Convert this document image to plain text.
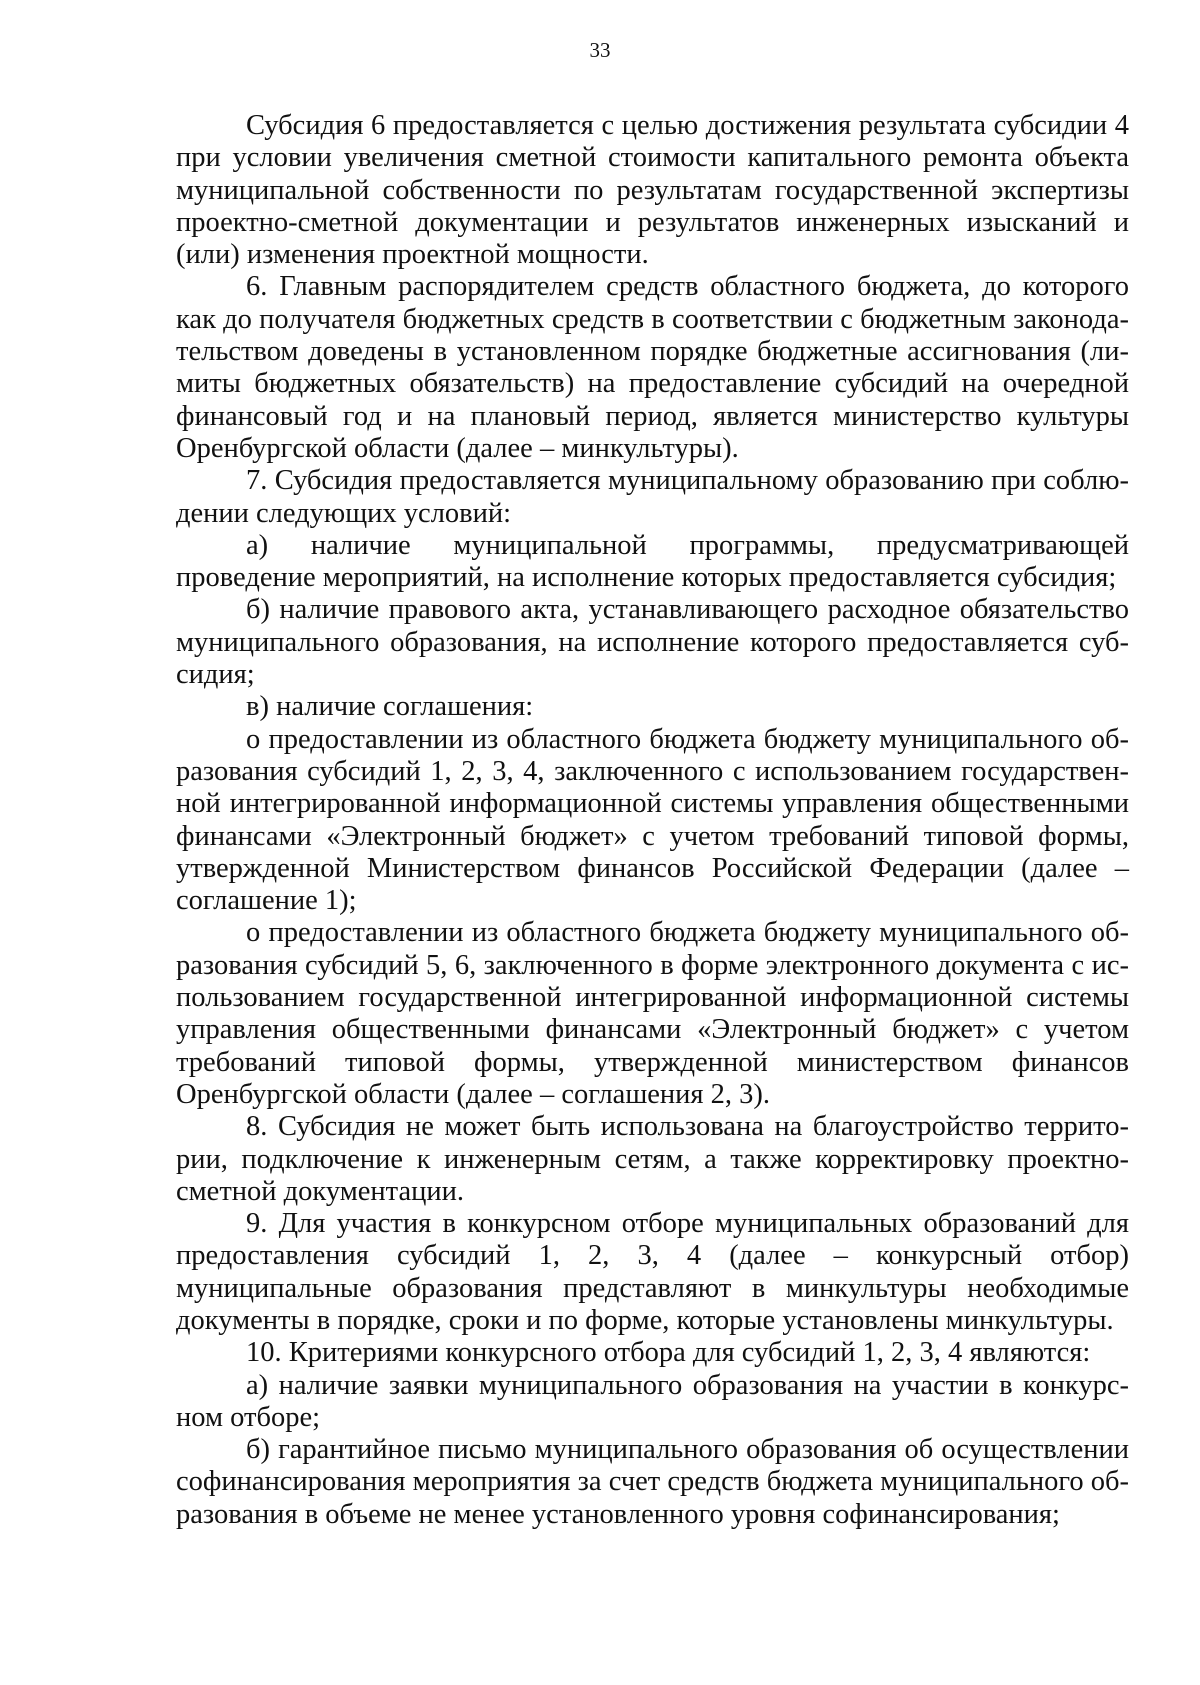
33

Субсидия 6 предоставляется с целью достижения результата субсидии 4 при условии увеличения сметной стоимости капитального ремонта объекта муниципальной собственности по результатам государственной экспертизы проектно-сметной документации и результатов инженерных изысканий и (или) изменения проектной мощности.

6. Главным распорядителем средств областного бюджета, до которого как до получателя бюджетных средств в соответствии с бюджетным законодательством доведены в установленном порядке бюджетные ассигнования (лимиты бюджетных обязательств) на предоставление субсидий на очередной финансовый год и на плановый период, является министерство культуры Оренбургской области (далее – минкультуры).

7. Субсидия предоставляется муниципальному образованию при соблюдении следующих условий:

а) наличие муниципальной программы, предусматривающей проведение мероприятий, на исполнение которых предоставляется субсидия;

б) наличие правового акта, устанавливающего расходное обязательство муниципального образования, на исполнение которого предоставляется субсидия;

в) наличие соглашения:

о предоставлении из областного бюджета бюджету муниципального образования субсидий 1, 2, 3, 4, заключенного с использованием государственной интегрированной информационной системы управления общественными финансами «Электронный бюджет» с учетом требований типовой формы, утвержденной Министерством финансов Российской Федерации (далее – соглашение 1);

о предоставлении из областного бюджета бюджету муниципального образования субсидий 5, 6, заключенного в форме электронного документа с использованием государственной интегрированной информационной системы управления общественными финансами «Электронный бюджет» с учетом требований типовой формы, утвержденной министерством финансов Оренбургской области (далее – соглашения 2, 3).

8. Субсидия не может быть использована на благоустройство территории, подключение к инженерным сетям, а также корректировку проектно-сметной документации.

9. Для участия в конкурсном отборе муниципальных образований для предоставления субсидий 1, 2, 3, 4 (далее – конкурсный отбор) муниципальные образования представляют в минкультуры необходимые документы в порядке, сроки и по форме, которые установлены минкультуры.

10. Критериями конкурсного отбора для субсидий 1, 2, 3, 4 являются:

а) наличие заявки муниципального образования на участии в конкурсном отборе;

б) гарантийное письмо муниципального образования об осуществлении софинансирования мероприятия за счет средств бюджета муниципального образования в объеме не менее установленного уровня софинансирования;
